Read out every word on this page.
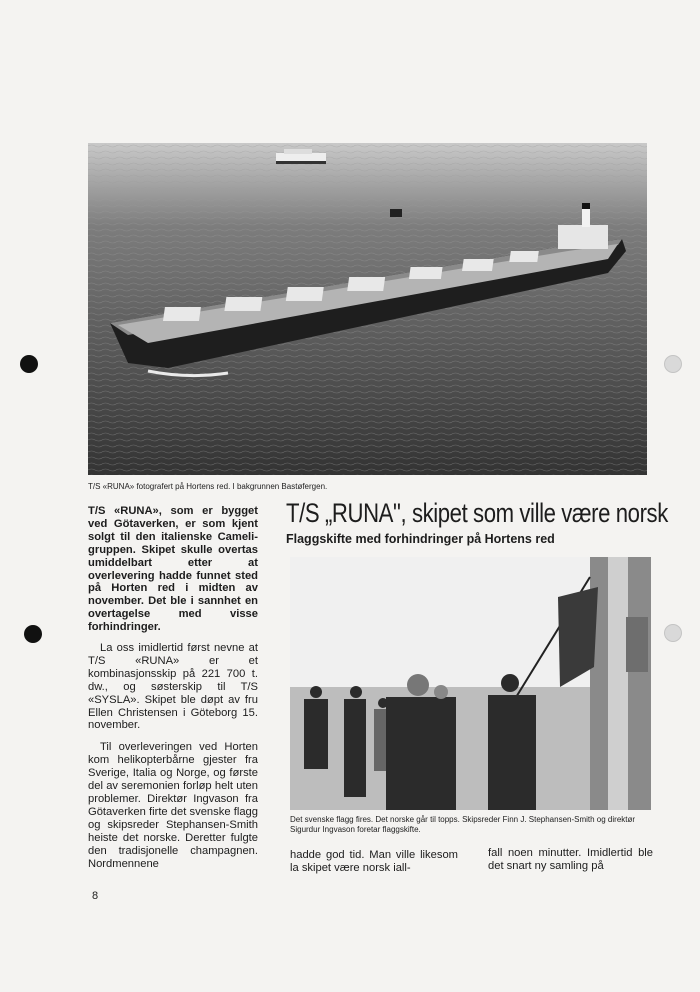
T/S «RUNA» fotografert på Hortens red. I bakgrunnen Bastøfergen.
T/S «RUNA», som er bygget ved Götaverken, er som kjent solgt til den italienske Cameli-gruppen. Skipet skulle overtas umiddelbart etter at overlevering hadde funnet sted på Horten red i midten av november. Det ble i sannhet en overtagelse med visse forhindringer.
T/S „RUNA", skipet som ville være norsk
Flaggskifte med forhindringer på Hortens red

La oss imidlertid først nevne at T/S «RUNA» er et kombinasjonsskip på 221 700 t. dw., og søsterskip til T/S «SYSLA». Skipet ble døpt av fru Ellen Christensen i Göteborg 15. november.

Til overleveringen ved Horten kom helikopterbårne gjester fra Sverige, Italia og Norge, og første del av seremonien forløp helt uten problemer. Direktør Ingvason fra Götaverken firte det svenske flagg og skipsreder Stephansen-Smith heiste det norske. Deretter fulgte den tradisjonelle champagnen. Nordmennene

Det svenske flagg fires. Det norske går til topps. Skipsreder Finn J. Stephansen-Smith og direktør Sigurdur Ingvason foretar flaggskifte.

hadde god tid. Man ville likesom la skipet være norsk iall-

fall noen minutter. Imidlertid ble det snart ny samling på

8
